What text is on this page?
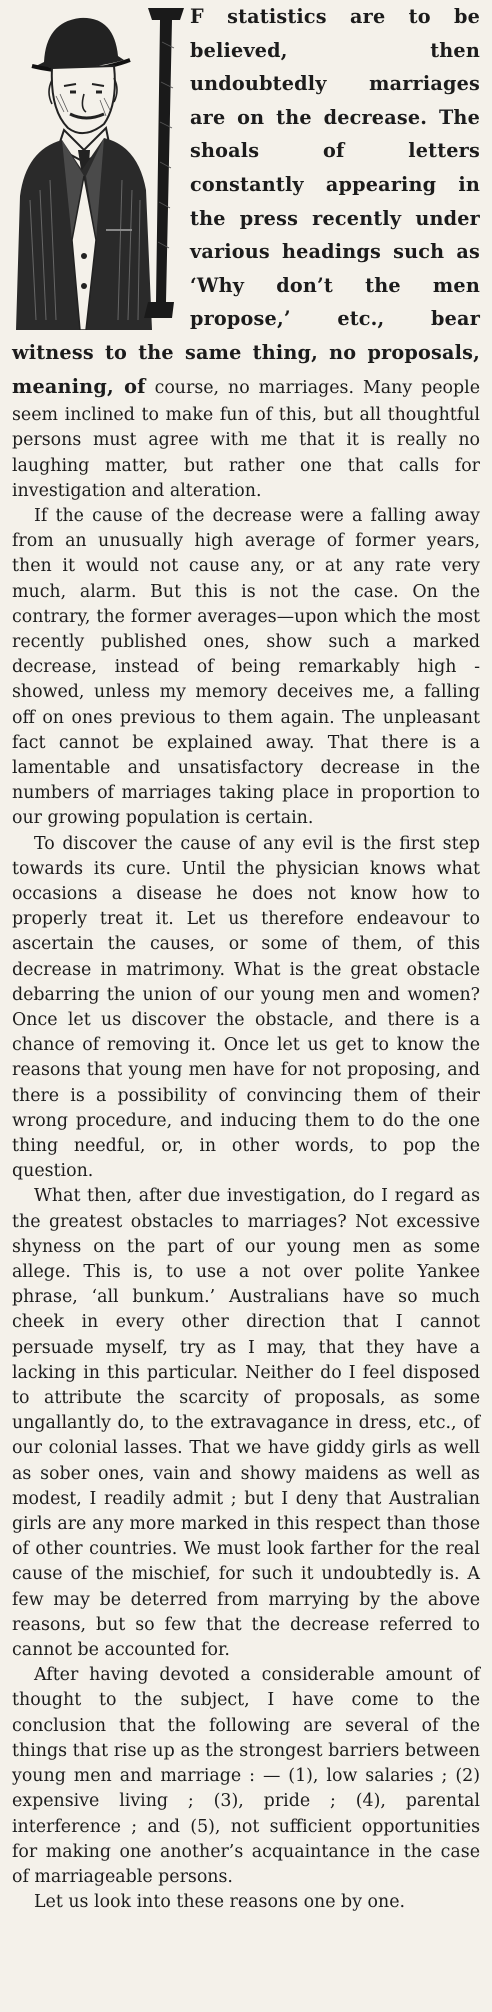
F statistics are to be believed, then undoubtedly marriages are on the decrease. The shoals of letters constantly appearing in the press recently under various headings such as ‘Why don’t the men propose,’ etc., bear witness to the same thing, no proposals, meaning, of course, no marriages. Many people seem inclined to make fun of this, but all thoughtful persons must agree with me that it is really no laughing matter, but rather one that calls for investigation and alteration.

If the cause of the decrease were a falling away from an unusually high average of former years, then it would not cause any, or at any rate very much, alarm. But this is not the case. On the contrary, the former averages—upon which the most recently published ones, show such a marked decrease, instead of being remarkably high - showed, unless my memory deceives me, a falling off on ones previous to them again. The unpleasant fact cannot be explained away. That there is a lamentable and unsatisfactory decrease in the numbers of marriages taking place in proportion to our growing population is certain.

To discover the cause of any evil is the first step towards its cure. Until the physician knows what occasions a disease he does not know how to properly treat it. Let us therefore endeavour to ascertain the causes, or some of them, of this decrease in matrimony. What is the great obstacle debarring the union of our young men and women? Once let us discover the obstacle, and there is a chance of removing it. Once let us get to know the reasons that young men have for not proposing, and there is a possibility of convincing them of their wrong procedure, and inducing them to do the one thing needful, or, in other words, to pop the question.

What then, after due investigation, do I regard as the greatest obstacles to marriages? Not excessive shyness on the part of our young men as some allege. This is, to use a not over polite Yankee phrase, ‘all bunkum.’ Australians have so much cheek in every other direction that I cannot persuade myself, try as I may, that they have a lacking in this particular. Neither do I feel disposed to attribute the scarcity of proposals, as some ungallantly do, to the extravagance in dress, etc., of our colonial lasses. That we have giddy girls as well as sober ones, vain and showy maidens as well as modest, I readily admit ; but I deny that Australian girls are any more marked in this respect than those of other countries. We must look farther for the real cause of the mischief, for such it undoubtedly is. A few may be deterred from marrying by the above reasons, but so few that the decrease referred to cannot be accounted for.

After having devoted a considerable amount of thought to the subject, I have come to the conclusion that the following are several of the things that rise up as the strongest barriers between young men and marriage : — (1), low salaries ; (2) expensive living ; (3), pride ; (4), parental interference ; and (5), not sufficient opportunities for making one another’s acquaintance in the case of marriageable persons.

Let us look into these reasons one by one.
